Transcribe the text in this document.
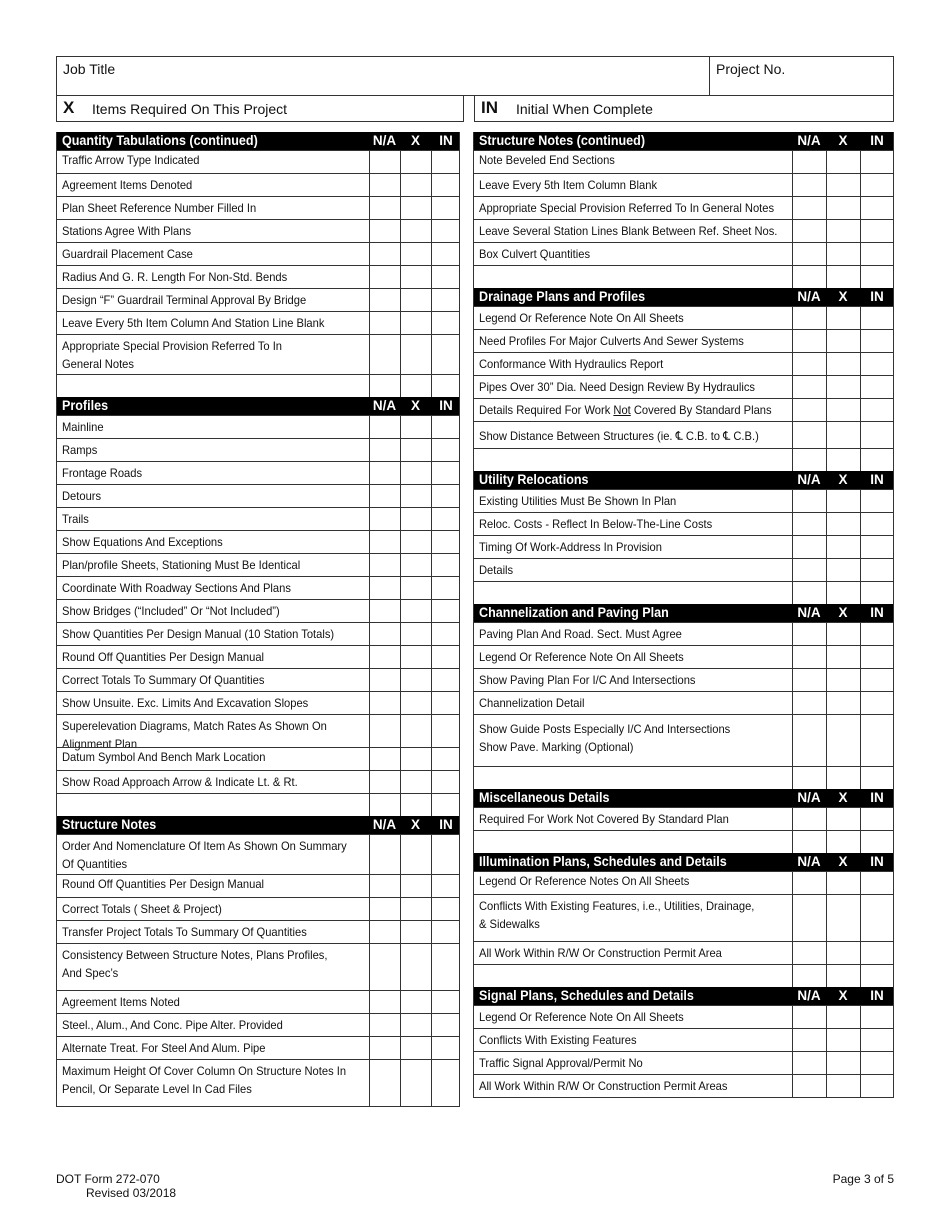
Job Title	Project No.
X Items Required On This Project	IN Initial When Complete
Quantity Tabulations (continued)	N/A	X	IN
Traffic Arrow Type Indicated
Agreement Items Denoted
Plan Sheet Reference Number Filled In
Stations Agree With Plans
Guardrail Placement Case
Radius And G. R. Length For Non-Std. Bends
Design “F” Guardrail Terminal Approval By Bridge
Leave Every 5th Item Column And Station Line Blank
Appropriate Special Provision Referred To In
General Notes
Profiles	N/A	X	IN
Mainline
Ramps
Frontage Roads
Detours
Trails
Show Equations And Exceptions
Plan/profile Sheets, Stationing Must Be Identical
Coordinate With Roadway Sections And Plans
Show Bridges (“Included” Or “Not Included”)
Show Quantities Per Design Manual (10 Station Totals)
Round Off Quantities Per Design Manual
Correct Totals To Summary Of Quantities
Show Unsuite. Exc. Limits And Excavation Slopes
Superelevation Diagrams, Match Rates As Shown On
Alignment Plan
Datum Symbol And Bench Mark Location
Show Road Approach Arrow & Indicate Lt. & Rt.
Structure Notes	N/A	X	IN
Order And Nomenclature Of Item As Shown On Summary
Of Quantities
Round Off Quantities Per Design Manual
Correct Totals ( Sheet & Project)
Transfer Project Totals To Summary Of Quantities
Consistency Between Structure Notes, Plans Profiles,
And Spec’s
Agreement Items Noted
Steel., Alum., And Conc. Pipe Alter. Provided
Alternate Treat. For Steel And Alum. Pipe
Maximum Height Of Cover Column On Structure Notes In
Pencil, Or Separate Level In Cad Files
Structure Notes (continued)	N/A	X	IN
Note Beveled End Sections
Leave Every 5th Item Column Blank
Appropriate Special Provision Referred To In General Notes
Leave Several Station Lines Blank Between Ref. Sheet Nos.
Box Culvert Quantities
Drainage Plans and Profiles	N/A	X	IN
Legend Or Reference Note On All Sheets
Need Profiles For Major Culverts And Sewer Systems
Conformance With Hydraulics Report
Pipes Over 30” Dia. Need Design Review By Hydraulics
Details Required For Work Not Covered By Standard Plans
Show Distance Between Structures (ie. ℄ C.B. to ℄ C.B.)
Utility Relocations	N/A	X	IN
Existing Utilities Must Be Shown In Plan
Reloc. Costs - Reflect In Below-The-Line Costs
Timing Of Work-Address In Provision
Details
Channelization and Paving Plan	N/A	X	IN
Paving Plan And Road. Sect. Must Agree
Legend Or Reference Note On All Sheets
Show Paving Plan For I/C And Intersections
Channelization Detail
Show Guide Posts Especially I/C And Intersections
Show Pave. Marking (Optional)
Miscellaneous Details	N/A	X	IN
Required For Work Not Covered By Standard Plan
Illumination Plans, Schedules and Details	N/A	X	IN
Legend Or Reference Notes On All Sheets
Conflicts With Existing Features, i.e., Utilities, Drainage,
& Sidewalks
All Work Within R/W Or Construction Permit Area
Signal Plans, Schedules and Details	N/A	X	IN
Legend Or Reference Note On All Sheets
Conflicts With Existing Features
Traffic Signal Approval/Permit No
All Work Within R/W Or Construction Permit Areas
DOT Form 272-070
Revised 03/2018
Page 3 of 5
